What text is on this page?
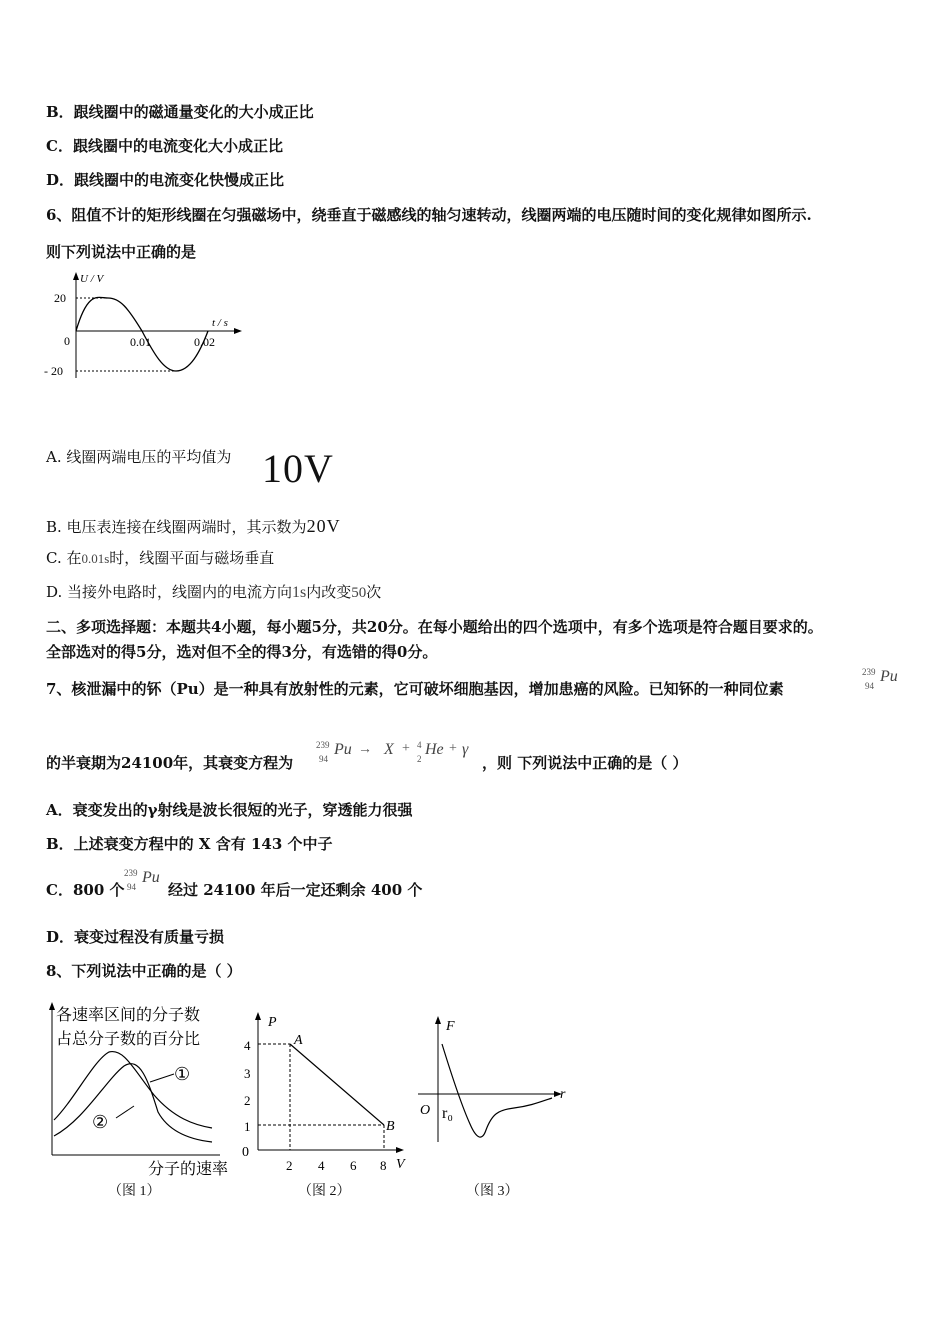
B．跟线圈中的磁通量变化的大小成正比
C．跟线圈中的电流变化大小成正比
D．跟线圈中的电流变化快慢成正比
6、阻值不计的矩形线圈在匀强磁场中，绕垂直于磁感线的轴匀速转动，线圈两端的电压随时间的变化规律如图所示.
则下列说法中正确的是
U / V
t / s
20
- 20
0	0.01	0.02
A. 线圈两端电压的平均值为 10V
B. 电压表连接在线圈两端时，其示数为20V
C. 在0.01s时，线圈平面与磁场垂直
D. 当接外电路时，线圈内的电流方向1s内改变50次
二、多项选择题：本题共4小题，每小题5分，共20分。在每小题给出的四个选项中，有多个选项是符合题目要求的。
全部选对的得5分，选对但不全的得3分，有选错的得0分。
7、核泄漏中的钚（Pu）是一种具有放射性的元素，它可破坏细胞基因，增加患癌的风险。已知钚的一种同位素
239
94
Pu
的半衰期为24100年，其衰变方程为
239
94
Pu → X + 4
2
He + γ
，则 下列说法中正确的是（ ）
A．衰变发出的γ射线是波长很短的光子，穿透能力很强
B．上述衰变方程中的 X 含有 143 个中子
C．800 个
239
94
Pu
经过 24100 年后一定还剩余 400 个
D．衰变过程没有质量亏损
8、下列说法中正确的是（ ）
各速率区间的分子数
占总分子数的百分比
①
②
分子的速率
（图 1）
P
V
0
4
3
2
1
2 4 6 8
A
B
（图 2）
F
r
O r₀
（图 3）
